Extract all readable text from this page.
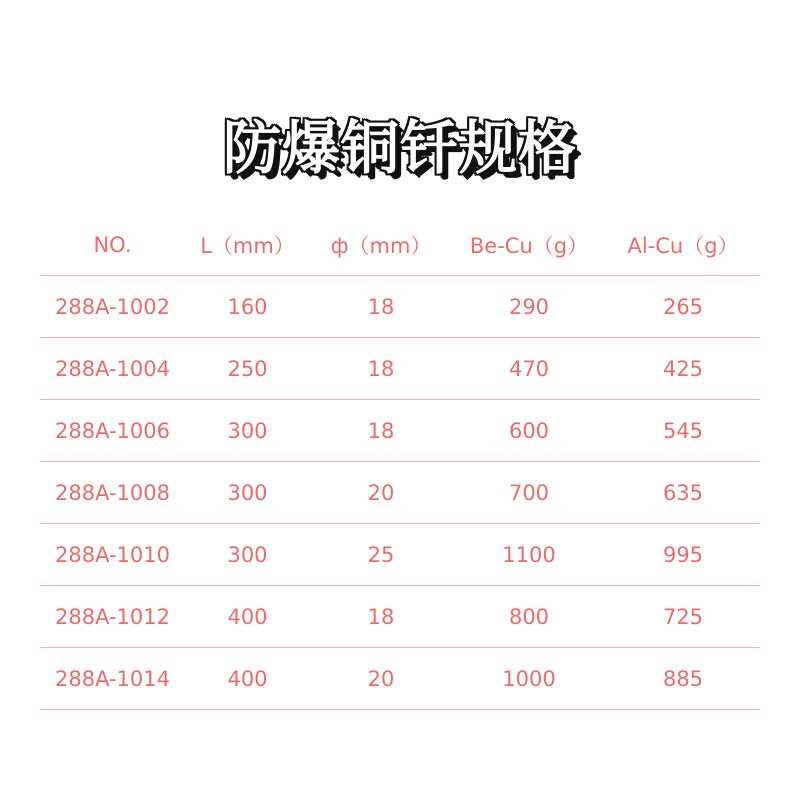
防爆铜钎规格
NO.	L（mm）	ф（mm）	Be-Cu（g）	Al-Cu（g）
288A-1002	160	18	290	265
288A-1004	250	18	470	425
288A-1006	300	18	600	545
288A-1008	300	20	700	635
288A-1010	300	25	1100	995
288A-1012	400	18	800	725
288A-1014	400	20	1000	885
